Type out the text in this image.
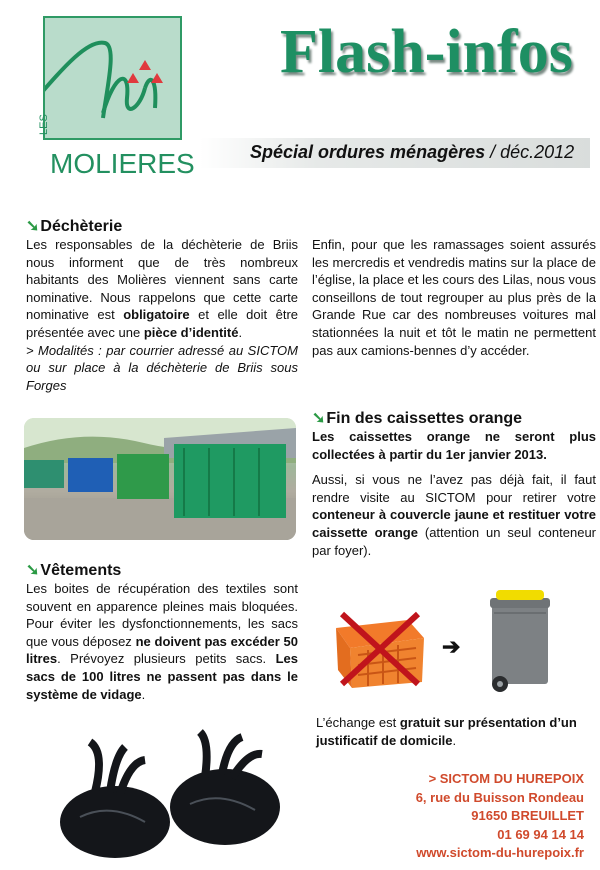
LES
MOLIERES
Flash-infos
Spécial ordures ménagères / déc.2012
➘Déchèterie

Les responsables de la déchèterie de Briis nous informent que de très nombreux habitants des Molières viennent sans carte nominative. Nous rappelons que cette carte nominative est obligatoire et elle doit être présentée avec une pièce d’identité.

> Modalités : par courrier adressé au SICTOM ou sur place à la déchèterie de Briis sous Forges

➘Vêtements

Les boites de récupération des textiles sont souvent en apparence pleines mais bloquées. Pour éviter les dysfonctionnements, les sacs que vous déposez ne doivent pas excéder 50 litres. Prévoyez plusieurs petits sacs. Les sacs de 100 litres ne passent pas dans le système de vidage.

Enfin, pour que les ramassages soient assurés les mercredis et vendredis matins sur la place de l’église, la place et les cours des Lilas, nous vous conseillons de tout regrouper au plus près de la Grande Rue car des nombreuses voitures mal stationnées la nuit et tôt le matin ne permettent pas aux camions-bennes d’y accéder.

➘Fin des caissettes orange

Les caissettes orange ne seront plus collectées à partir du 1er janvier 2013.

Aussi, si vous ne l’avez pas déjà fait, il faut rendre visite au SICTOM pour retirer votre conteneur à couvercle jaune et restituer votre caissette orange (attention un seul conteneur par foyer).

➔

L’échange est gratuit sur présentation d’un justificatif de domicile.

> SICTOM DU HUREPOIX
6, rue du Buisson Rondeau
91650 BREUILLET
01 69 94 14 14
www.sictom-du-hurepoix.fr
